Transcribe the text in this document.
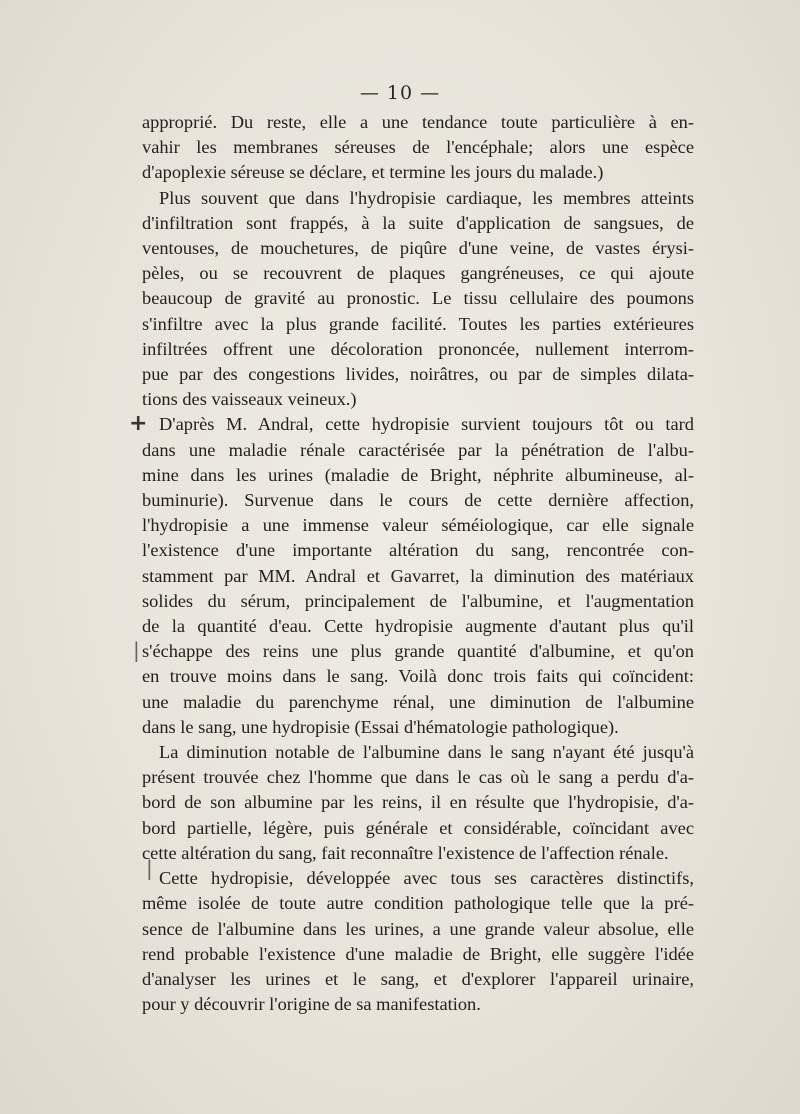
— 10 —

approprié. Du reste, elle a une tendance toute particulière à en-

vahir les membranes séreuses de l'encéphale; alors une espèce

d'apoplexie séreuse se déclare, et termine les jours du malade.)

Plus souvent que dans l'hydropisie cardiaque, les membres atteints

d'infiltration sont frappés, à la suite d'application de sangsues, de

ventouses, de mouchetures, de piqûre d'une veine, de vastes érysi-

pèles, ou se recouvrent de plaques gangréneuses, ce qui ajoute

beaucoup de gravité au pronostic. Le tissu cellulaire des poumons

s'infiltre avec la plus grande facilité. Toutes les parties extérieures

infiltrées offrent une décoloration prononcée, nullement interrom-

pue par des congestions livides, noirâtres, ou par de simples dilata-

tions des vaisseaux veineux.)

D'après M. Andral, cette hydropisie survient toujours tôt ou tard

dans une maladie rénale caractérisée par la pénétration de l'albu-

mine dans les urines (maladie de Bright, néphrite albumineuse, al-

buminurie). Survenue dans le cours de cette dernière affection,

l'hydropisie a une immense valeur séméiologique, car elle signale

l'existence d'une importante altération du sang, rencontrée con-

stamment par MM. Andral et Gavarret, la diminution des matériaux

solides du sérum, principalement de l'albumine, et l'augmentation

de la quantité d'eau. Cette hydropisie augmente d'autant plus qu'il

s'échappe des reins une plus grande quantité d'albumine, et qu'on

en trouve moins dans le sang. Voilà donc trois faits qui coïncident:

une maladie du parenchyme rénal, une diminution de l'albumine

dans le sang, une hydropisie (Essai d'hématologie pathologique).

La diminution notable de l'albumine dans le sang n'ayant été jusqu'à

présent trouvée chez l'homme que dans le cas où le sang a perdu d'a-

bord de son albumine par les reins, il en résulte que l'hydropisie, d'a-

bord partielle, légère, puis générale et considérable, coïncidant avec

cette altération du sang, fait reconnaître l'existence de l'affection rénale.

Cette hydropisie, développée avec tous ses caractères distinctifs,

même isolée de toute autre condition pathologique telle que la pré-

sence de l'albumine dans les urines, a une grande valeur absolue, elle

rend probable l'existence d'une maladie de Bright, elle suggère l'idée

d'analyser les urines et le sang, et d'explorer l'appareil urinaire,

pour y découvrir l'origine de sa manifestation.

+
|
|
